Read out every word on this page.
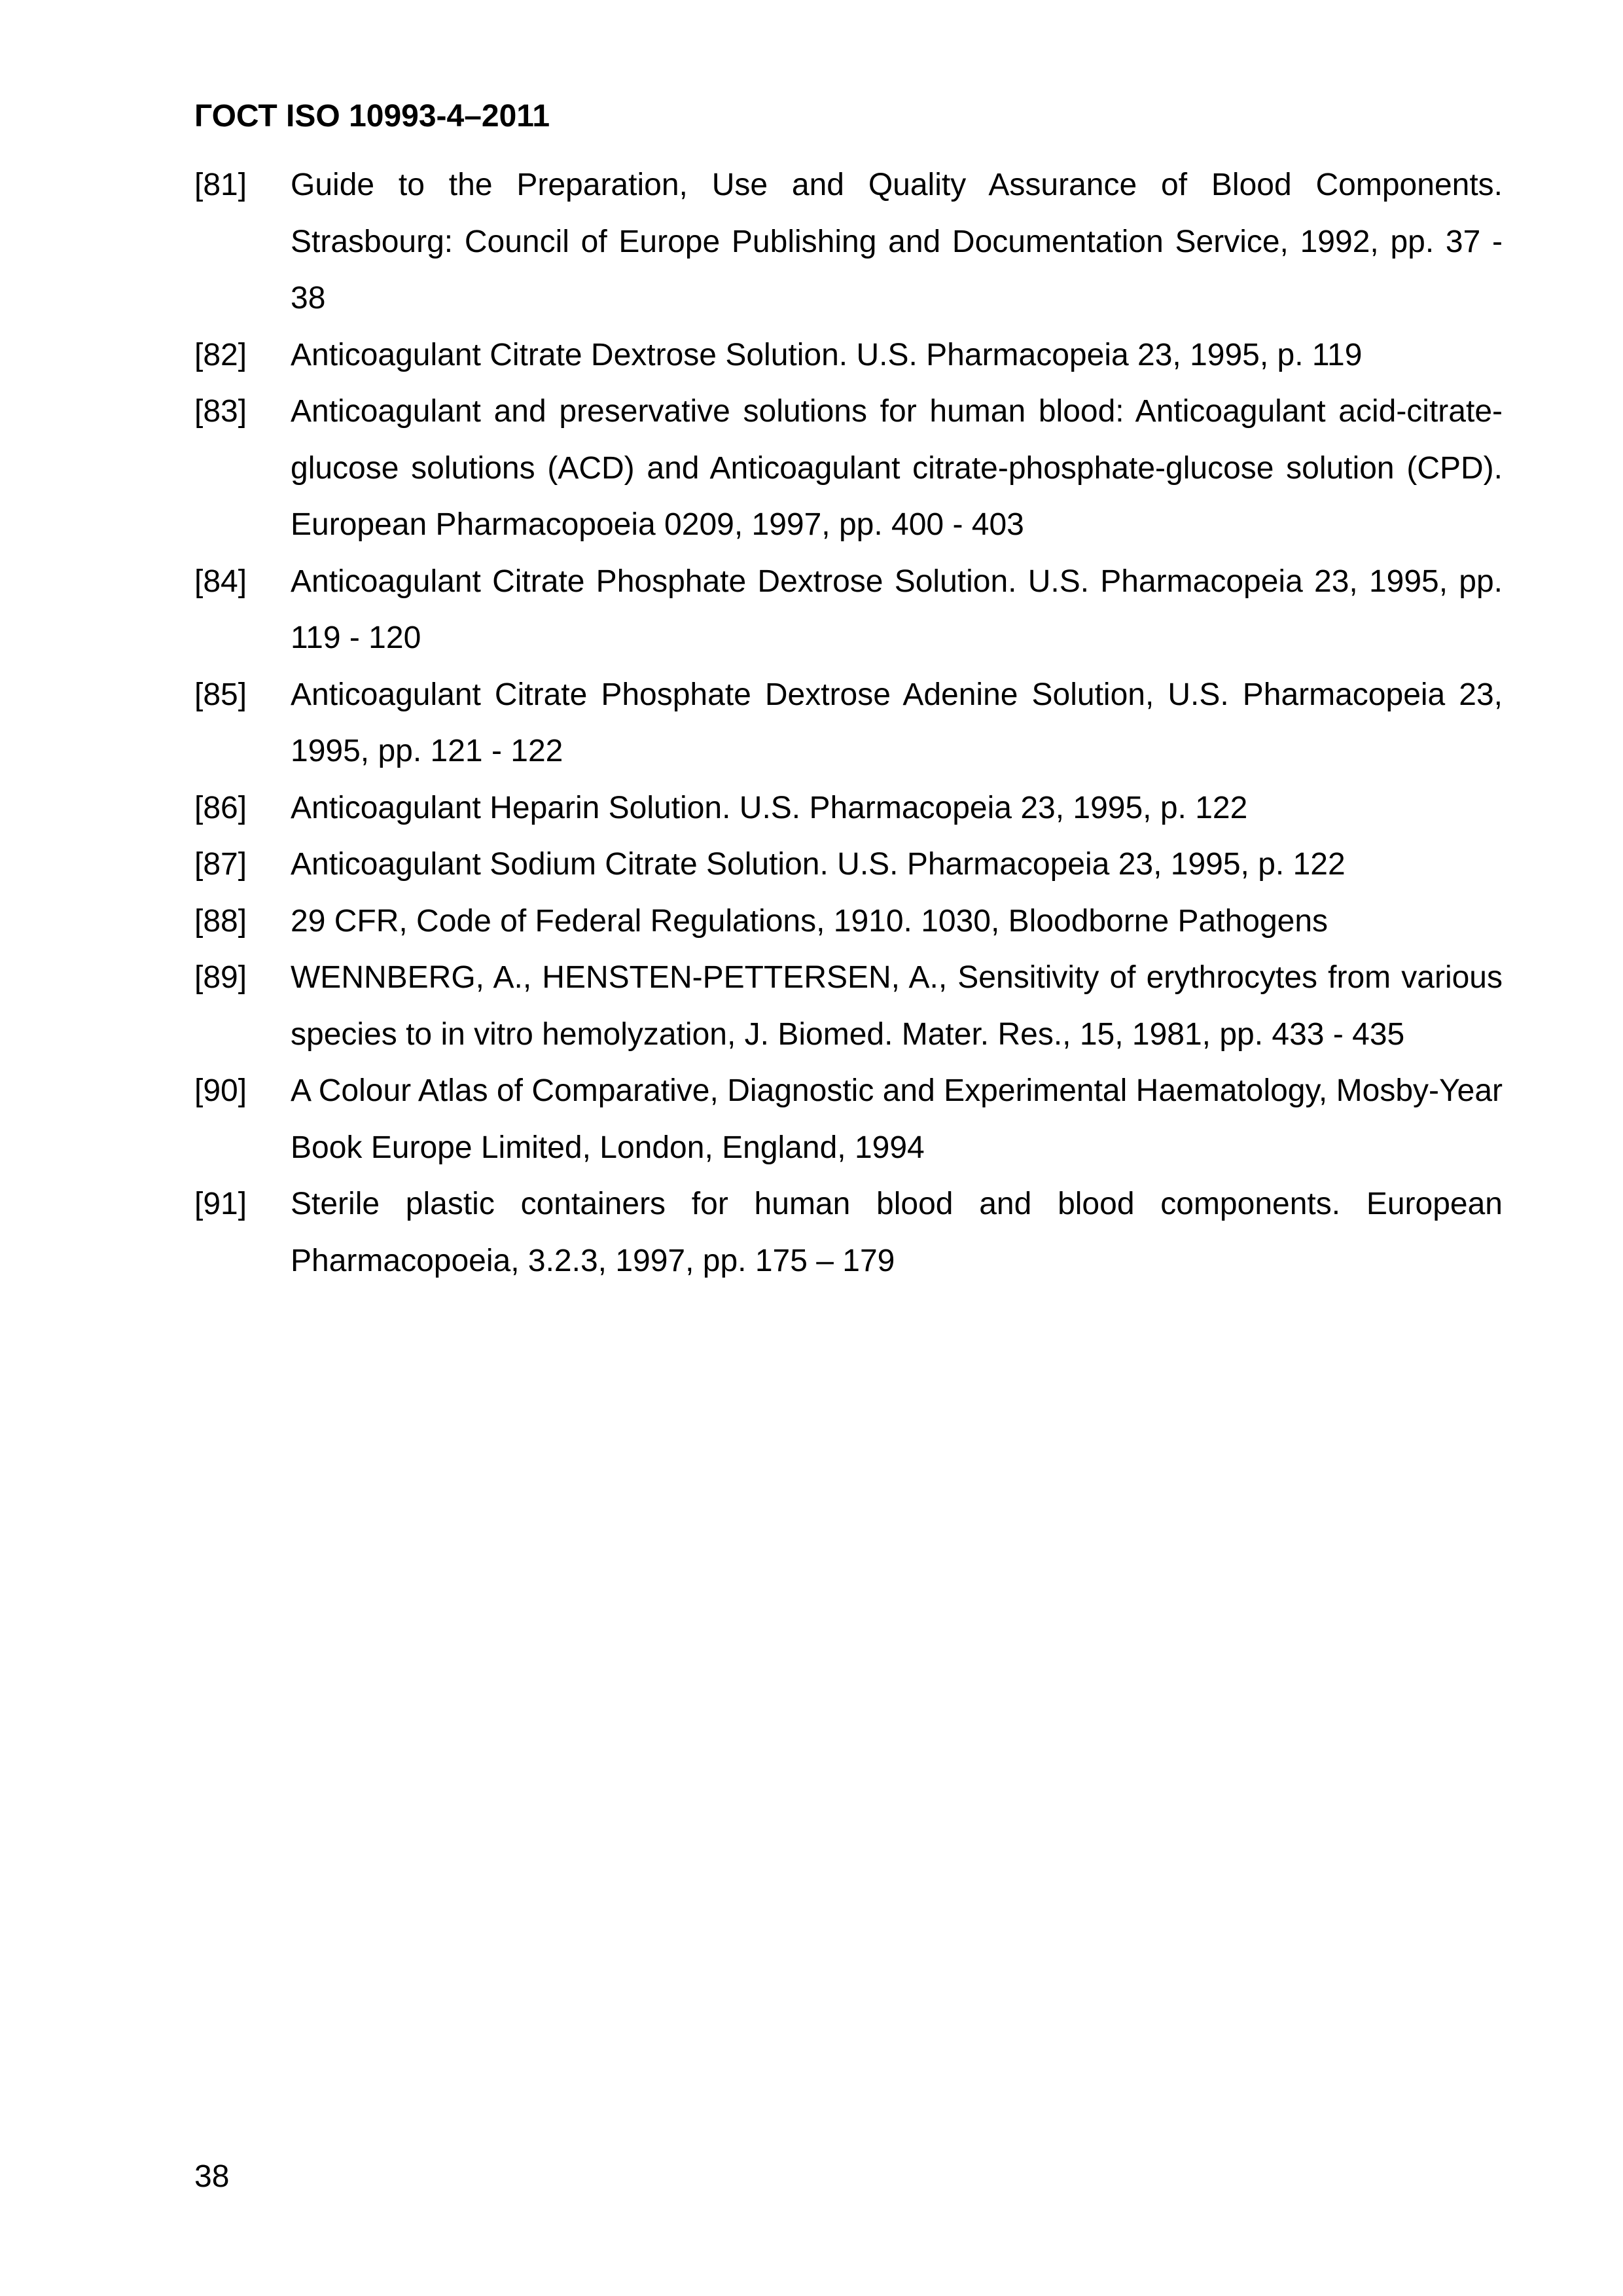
ГОСТ ISO 10993-4–2011
[81]	Guide to the Preparation, Use and Quality Assurance of Blood Components. Strasbourg: Council of Europe Publishing and Documentation Service, 1992, pp. 37 - 38
[82]	Anticoagulant Citrate Dextrose Solution. U.S. Pharmacopeia 23, 1995, p. 119
[83]	Anticoagulant and preservative solutions for human blood: Anticoagulant acid-citrate-glucose solutions (ACD) and Anticoagulant citrate-phosphate-glucose solution (CPD). European Pharmacopoeia 0209, 1997, pp. 400 - 403
[84]	Anticoagulant Citrate Phosphate Dextrose Solution. U.S. Pharmacopeia 23, 1995, pp. 119 - 120
[85]	Anticoagulant Citrate Phosphate Dextrose Adenine Solution, U.S. Pharmacopeia 23, 1995, pp. 121 - 122
[86]	Anticoagulant Heparin Solution. U.S. Pharmacopeia 23, 1995, p. 122
[87]	Anticoagulant Sodium Citrate Solution. U.S. Pharmacopeia 23, 1995, p. 122
[88]	29 CFR, Code of Federal Regulations, 1910. 1030, Bloodborne Pathogens
[89]	WENNBERG, A., HENSTEN-PETTERSEN, A., Sensitivity of erythrocytes from various species to in vitro hemolyzation, J. Biomed. Mater. Res., 15, 1981, pp. 433 - 435
[90]	A Colour Atlas of Comparative, Diagnostic and Experimental Haematology, Mosby-Year Book Europe Limited, London, England, 1994
[91]	Sterile plastic containers for human blood and blood components. European Pharmacopoeia, 3.2.3, 1997, pp. 175 – 179
38
